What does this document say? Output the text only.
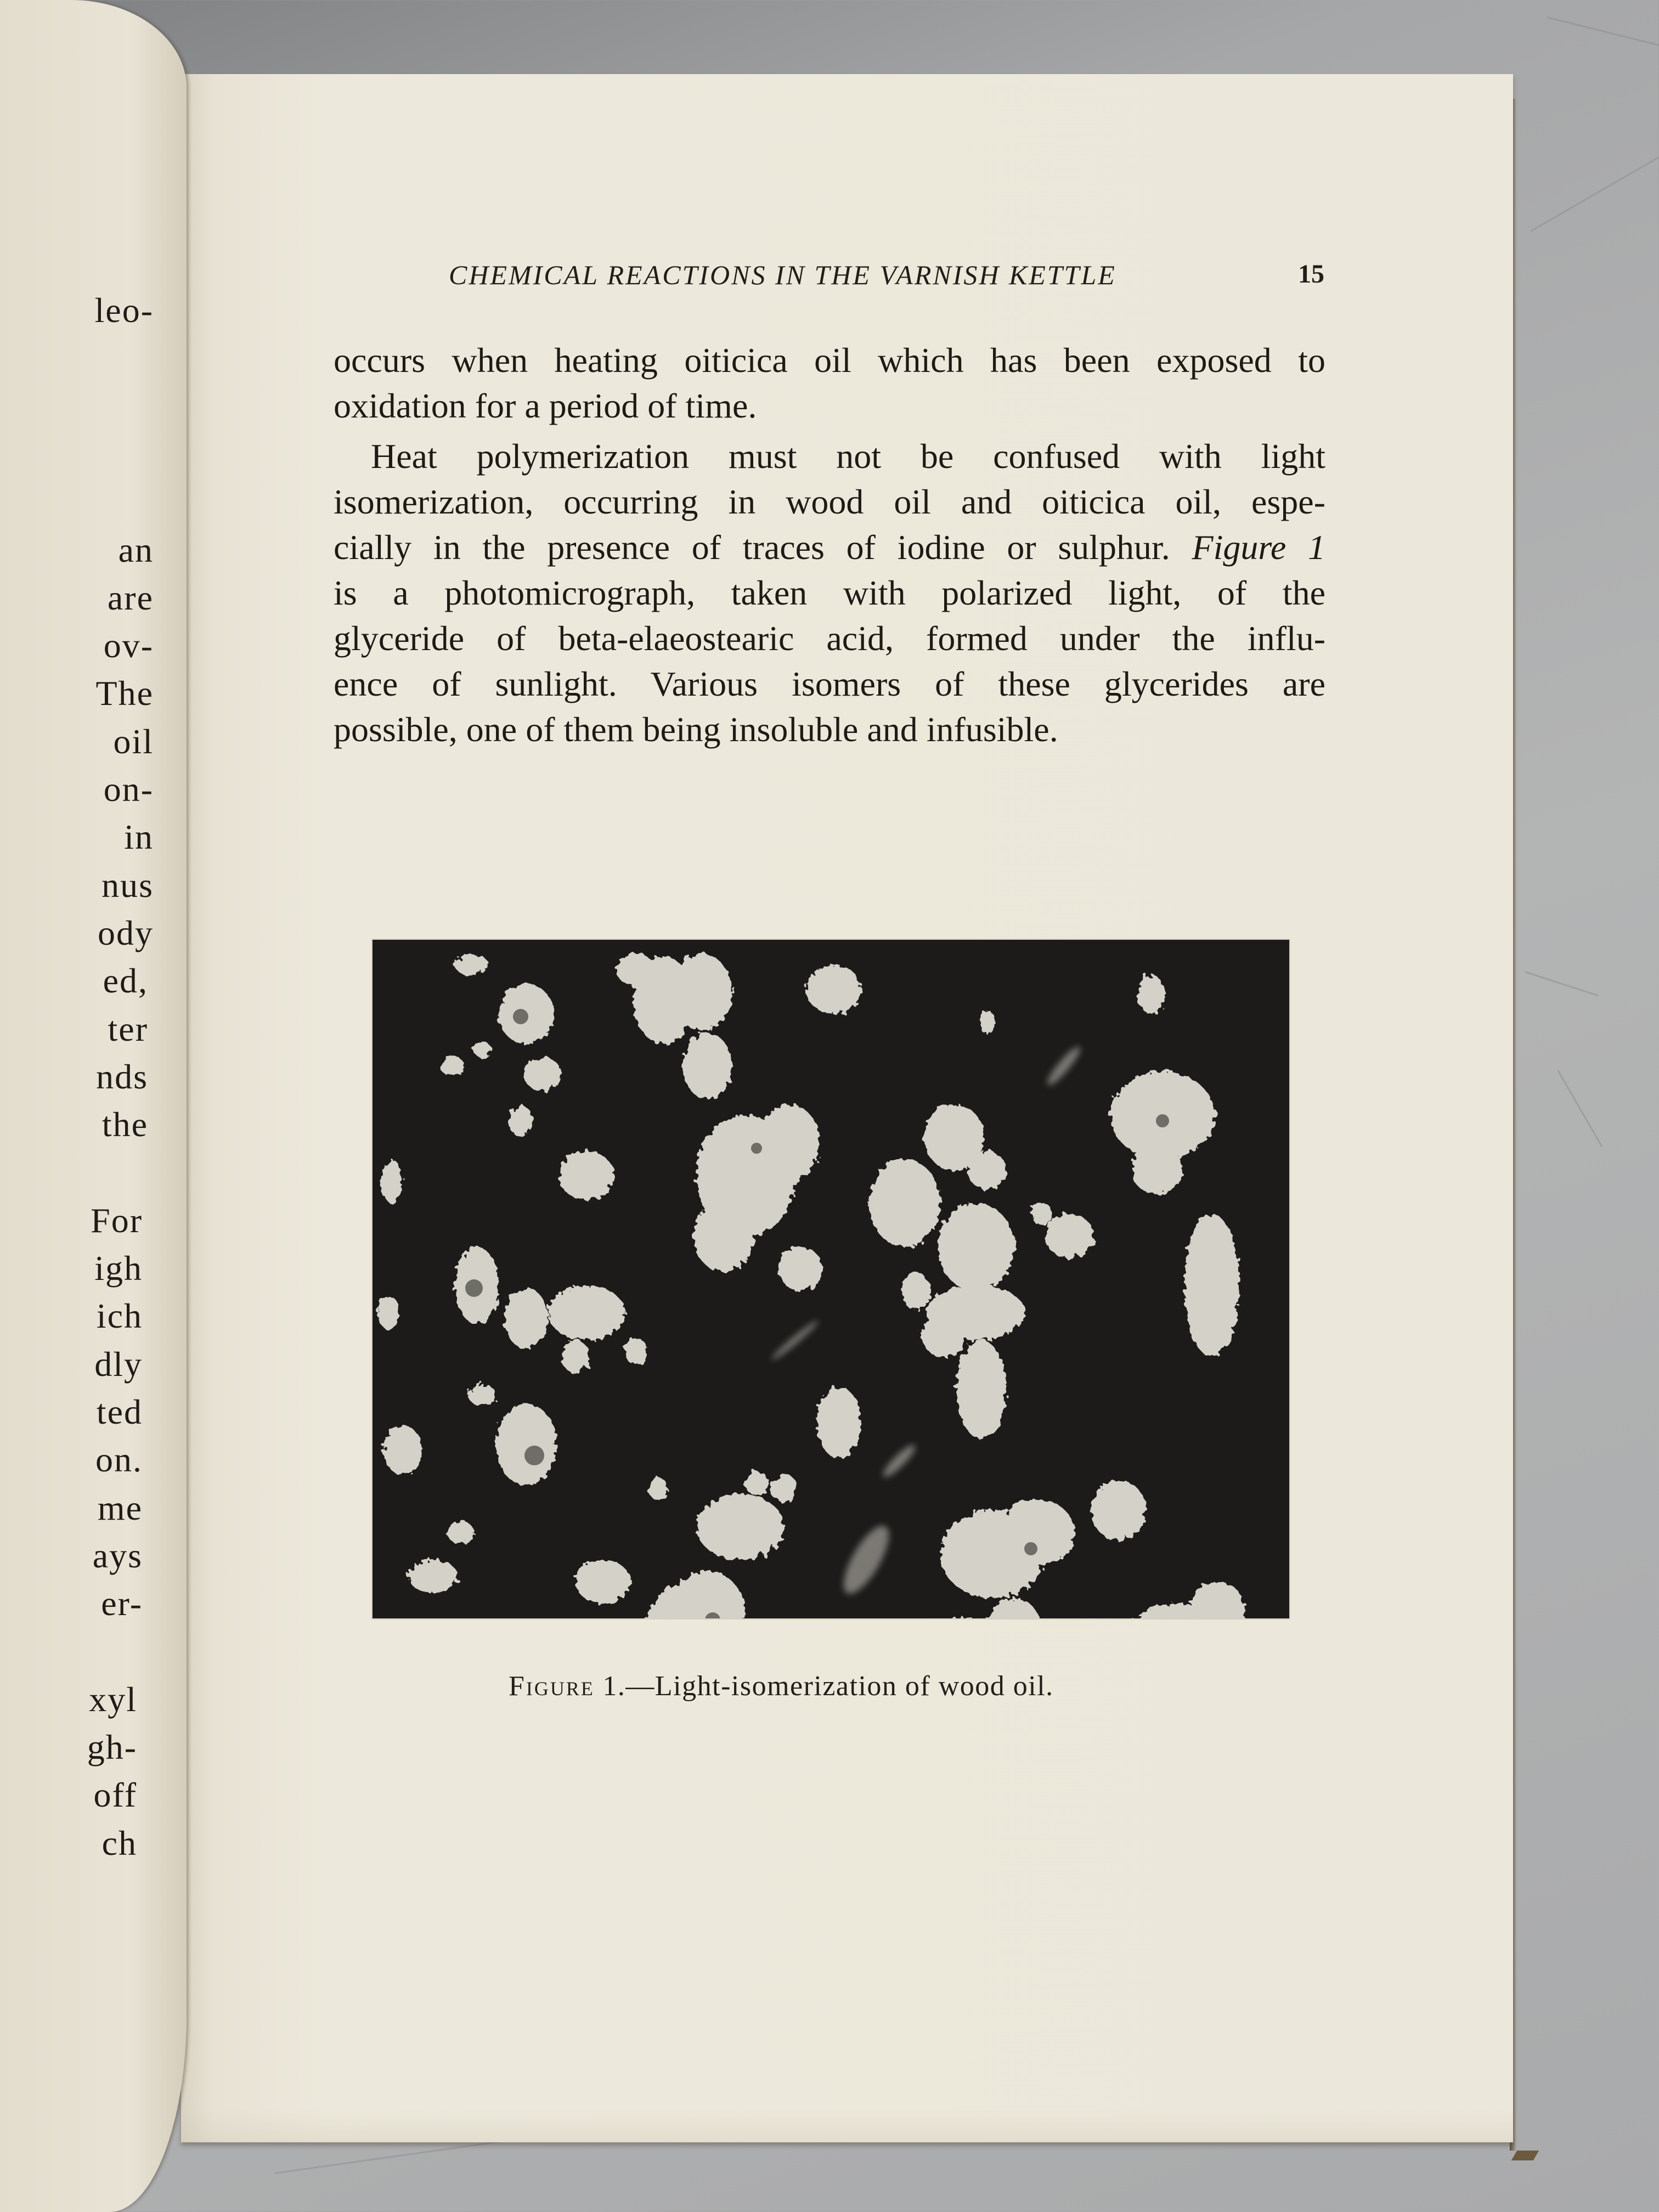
CHEMICAL REACTIONS IN THE VARNISH KETTLE	15
occurs when heating oiticica oil which has been exposed to
oxidation for a period of time.
Heat polymerization must not be confused with light
isomerization, occurring in wood oil and oiticica oil, espe-
cially in the presence of traces of iodine or sulphur. Figure 1
is a photomicrograph, taken with polarized light, of the
glyceride of beta-elaeostearic acid, formed under the influ-
ence of sunlight. Various isomers of these glycerides are
possible, one of them being insoluble and infusible.
Figure 1.—Light-isomerization of wood oil.
leo-
an
are
ov-
The
oil
on-
in
nus
ody
ed,
ter
nds
the
For
igh
ich
dly
ted
on.
me
ays
er-
xyl
gh-
off
ch
